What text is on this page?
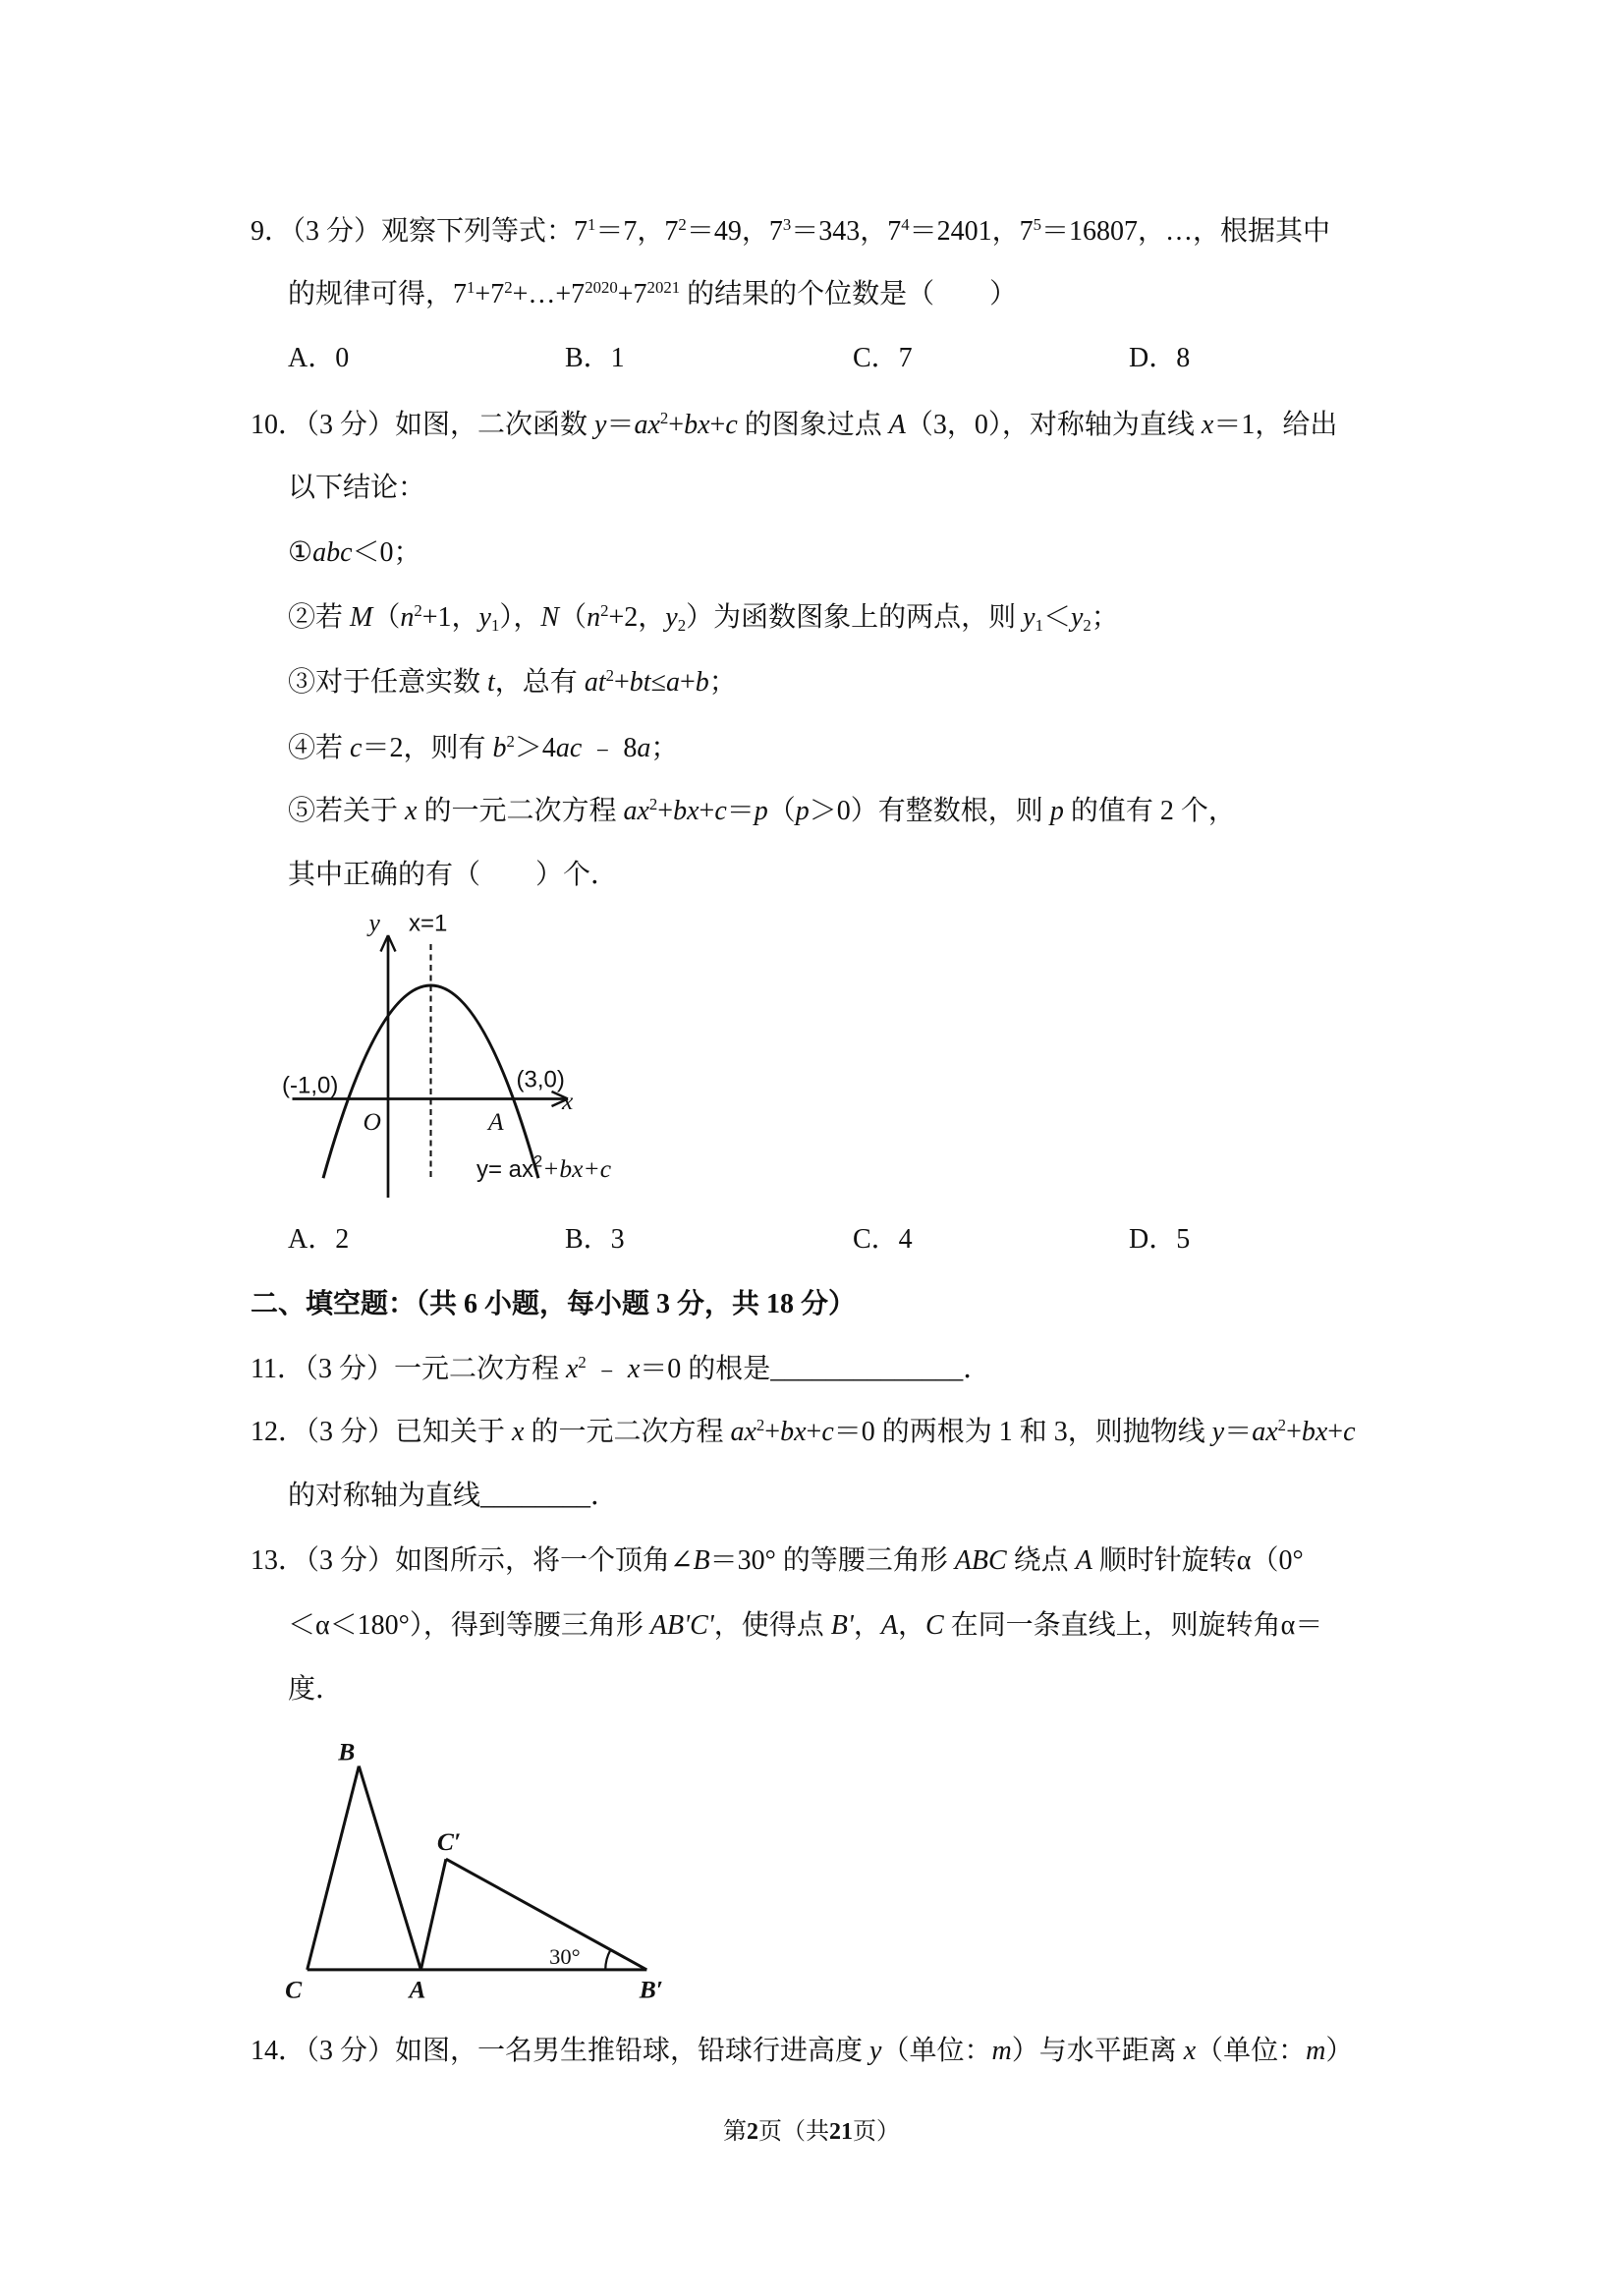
9．（3 分）观察下列等式：$7^1=7$，$7^2=49$，$7^3=343$，$7^4=2401$，$7^5=16807$，…，根据其中
的规律可得，$7^1+7^2+\dots+7^{2020}+7^{2021}$ 的结果的个位数是（　　）
A．0	B．1	C．7	D．8
10．（3 分）如图，二次函数 $y=ax^2+bx+c$ 的图象过点 A（3，0），对称轴为直线 x＝1，给出
以下结论：
①abc＜0；
②若 $M(n^2+1$，y1），$N(n^2+2$，y2）为函数图象上的两点，则 y1＜y2；
③对于任意实数 t，总有 $at^2+bt\le a+b$；
④若 c＝2，则有 $b^2>4ac$ ﹣ 8a；
⑤若关于 x 的一元二次方程 $ax^2+bx+c=p(p>0)$有整数根，则 p 的值有 2 个，
其中正确的有（　　）个．
y x=1
(-1,0)	(3,0)
x
O	A
$y= ax^2+bx+c$
A．2	B．3	C．4	D．5
二、填空题：（共 6 小题，每小题 3 分，共 18 分）
11．（3 分）一元二次方程 $x^2$ ﹣ x＝0 的根是______________．
12．（3 分）已知关于 x 的一元二次方程 $ax^2+bx+c=0$ 的两根为 1 和 3，则抛物线 $y=ax^2+bx+c$
的对称轴为直线________．
13．（3 分）如图所示，将一个顶角∠B＝30° 的等腰三角形 ABC 绕点 A 顺时针旋转α（0°
＜α＜180°），得到等腰三角形 AB'C'，使得点 B'，A，C 在同一条直线上，则旋转角α＝
度．
B
C′
30°
C	A	B′
14．（3 分）如图，一名男生推铅球，铅球行进高度 y（单位：m）与水平距离 x（单位：m）
第2页（共21页）
